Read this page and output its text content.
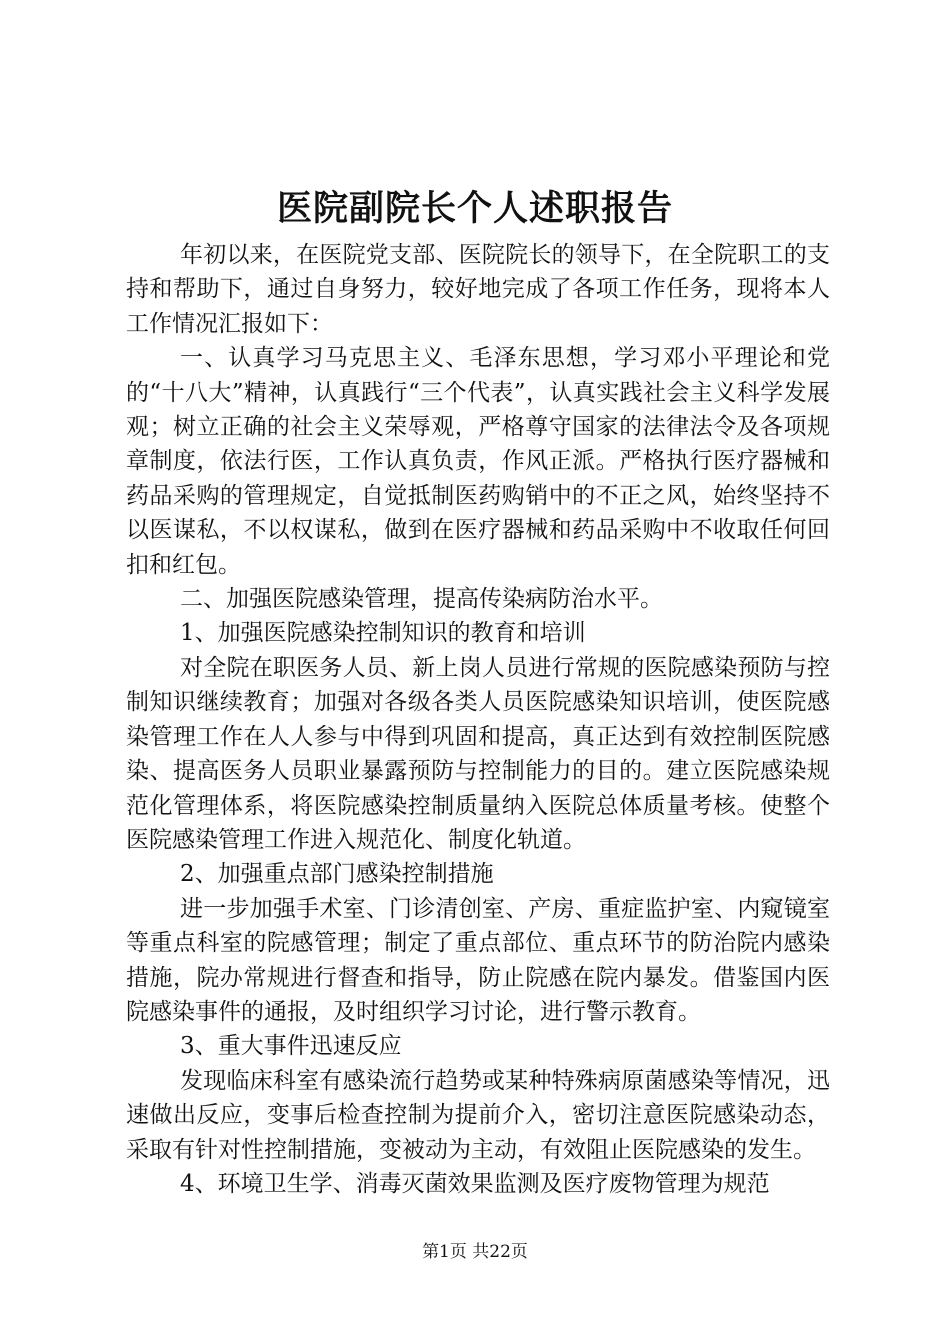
医院副院长个人述职报告

年初以来，在医院党支部、医院院长的领导下，在全院职工的支持和帮助下，通过自身努力，较好地完成了各项工作任务，现将本人工作情况汇报如下：

一、认真学习马克思主义、毛泽东思想，学习邓小平理论和党的“十八大”精神，认真践行“三个代表”，认真实践社会主义科学发展观；树立正确的社会主义荣辱观，严格尊守国家的法律法令及各项规章制度，依法行医，工作认真负责，作风正派。严格执行医疗器械和药品采购的管理规定，自觉抵制医药购销中的不正之风，始终坚持不以医谋私，不以权谋私，做到在医疗器械和药品采购中不收取任何回扣和红包。

二、加强医院感染管理，提高传染病防治水平。

1、加强医院感染控制知识的教育和培训

对全院在职医务人员、新上岗人员进行常规的医院感染预防与控制知识继续教育；加强对各级各类人员医院感染知识培训，使医院感染管理工作在人人参与中得到巩固和提高，真正达到有效控制医院感染、提高医务人员职业暴露预防与控制能力的目的。建立医院感染规范化管理体系，将医院感染控制质量纳入医院总体质量考核。使整个医院感染管理工作进入规范化、制度化轨道。

2、加强重点部门感染控制措施

进一步加强手术室、门诊清创室、产房、重症监护室、内窥镜室等重点科室的院感管理；制定了重点部位、重点环节的防治院内感染措施，院办常规进行督查和指导，防止院感在院内暴发。借鉴国内医院感染事件的通报，及时组织学习讨论，进行警示教育。

3、重大事件迅速反应

发现临床科室有感染流行趋势或某种特殊病原菌感染等情况，迅速做出反应，变事后检查控制为提前介入，密切注意医院感染动态，采取有针对性控制措施，变被动为主动，有效阻止医院感染的发生。

4、环境卫生学、消毒灭菌效果监测及医疗废物管理为规范

第1页 共22页
